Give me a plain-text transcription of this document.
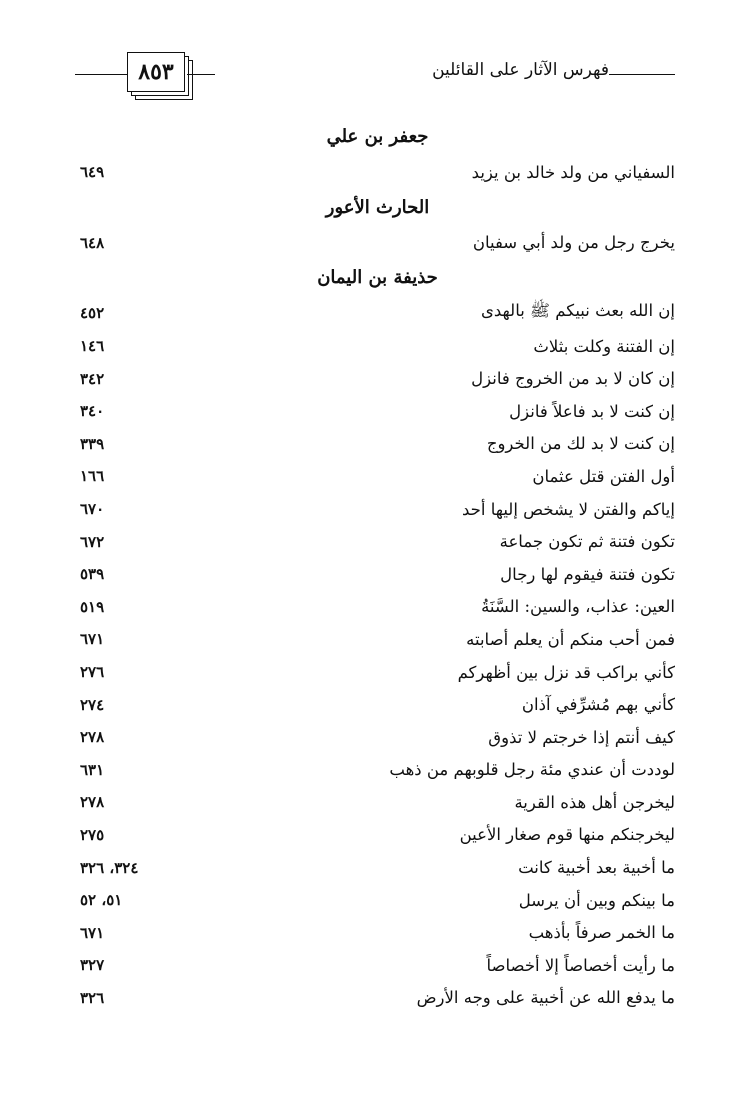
٨٥٣	فهرس الآثار على القائلين
جعفر بن علي
السفياني من ولد خالد بن يزيد
٦٤٩
الحارث الأعور
يخرج رجل من ولد أبي سفيان
٦٤٨
حذيفة بن اليمان
إن الله بعث نبيكم ﷺ بالهدى
٤٥٢
إن الفتنة وكلت بثلاث
١٤٦
إن كان لا بد من الخروج فانزل
٣٤٢
إن كنت لا بد فاعلاً فانزل
٣٤٠
إن كنت لا بد لك من الخروج
٣٣٩
أول الفتن قتل عثمان
١٦٦
إياكم والفتن لا يشخص إليها أحد
٦٧٠
تكون فتنة ثم تكون جماعة
٦٧٢
تكون فتنة فيقوم لها رجال
٥٣٩
العين: عذاب، والسين: السَّنَةُ
٥١٩
فمن أحب منكم أن يعلم أصابته
٦٧١
كأني براكب قد نزل بين أظهركم
٢٧٦
كأني بهم مُشرِّفي آذان
٢٧٤
كيف أنتم إذا خرجتم لا تذوق
٢٧٨
لوددت أن عندي مئة رجل قلوبهم من ذهب
٦٣١
ليخرجن أهل هذه القرية
٢٧٨
ليخرجنكم منها قوم صغار الأعين
٢٧٥
ما أخبية بعد أخبية كانت
٣٢٤، ٣٢٦
ما بينكم وبين أن يرسل
٥١، ٥٢
ما الخمر صرفاً بأذهب
٦٧١
ما رأيت أخصاصاً إلا أخصاصاً
٣٢٧
ما يدفع الله عن أخبية على وجه الأرض
٣٢٦
